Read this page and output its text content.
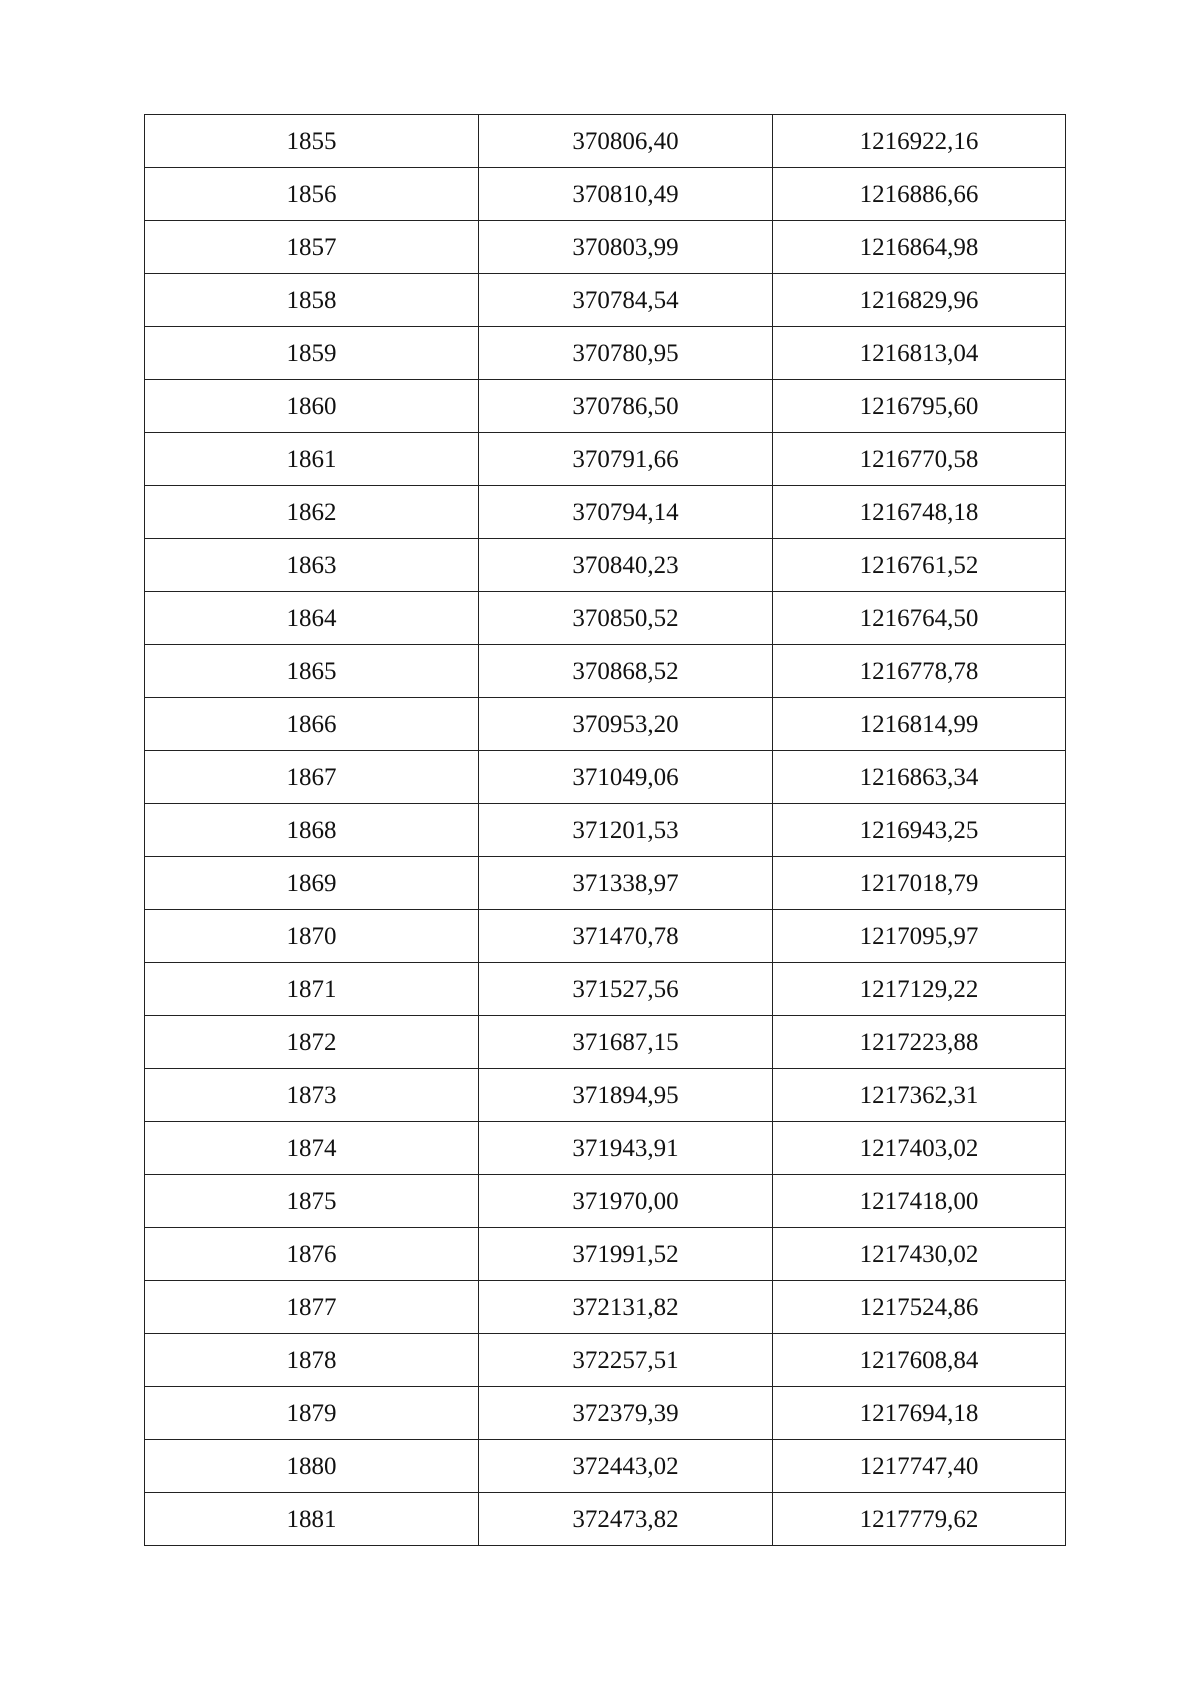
1855	370806,40	1216922,16
1856	370810,49	1216886,66
1857	370803,99	1216864,98
1858	370784,54	1216829,96
1859	370780,95	1216813,04
1860	370786,50	1216795,60
1861	370791,66	1216770,58
1862	370794,14	1216748,18
1863	370840,23	1216761,52
1864	370850,52	1216764,50
1865	370868,52	1216778,78
1866	370953,20	1216814,99
1867	371049,06	1216863,34
1868	371201,53	1216943,25
1869	371338,97	1217018,79
1870	371470,78	1217095,97
1871	371527,56	1217129,22
1872	371687,15	1217223,88
1873	371894,95	1217362,31
1874	371943,91	1217403,02
1875	371970,00	1217418,00
1876	371991,52	1217430,02
1877	372131,82	1217524,86
1878	372257,51	1217608,84
1879	372379,39	1217694,18
1880	372443,02	1217747,40
1881	372473,82	1217779,62
